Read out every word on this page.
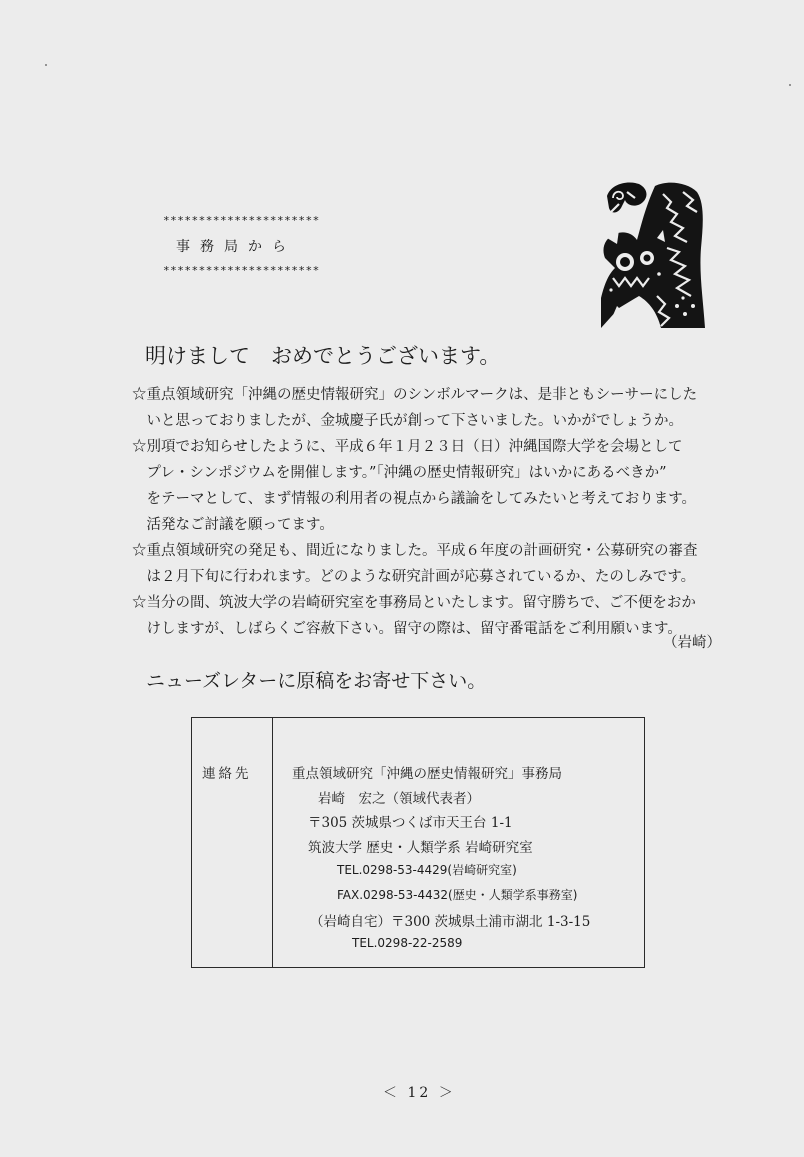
**********************
事務局から
**********************
明けまして　おめでとうございます。
☆重点領域研究「沖縄の歴史情報研究」のシンボルマークは、是非ともシーサーにした
　いと思っておりましたが、金城慶子氏が創って下さいました。いかがでしょうか。
☆別項でお知らせしたように、平成６年１月２３日（日）沖縄国際大学を会場として
　プレ・シンポジウムを開催します。”「沖縄の歴史情報研究」はいかにあるべきか”
　をテーマとして、まず情報の利用者の視点から議論をしてみたいと考えております。
　活発なご討議を願ってます。
☆重点領域研究の発足も、間近になりました。平成６年度の計画研究・公募研究の審査
　は２月下旬に行われます。どのような研究計画が応募されているか、たのしみです。
☆当分の間、筑波大学の岩崎研究室を事務局といたします。留守勝ちで、ご不便をおか
　けしますが、しばらくご容赦下さい。留守の際は、留守番電話をご利用願います。
（岩崎）
ニューズレターに原稿をお寄せ下さい。
連絡先	重点領域研究「沖縄の歴史情報研究」事務局
岩崎　宏之（領域代表者）
〒305 茨城県つくば市天王台 1-1
筑波大学 歴史・人類学系 岩崎研究室
TEL.0298-53-4429(岩崎研究室)
FAX.0298-53-4432(歴史・人類学系事務室)
（岩崎自宅）〒300 茨城県土浦市湖北 1-3-15
TEL.0298-22-2589
＜ 12 ＞
